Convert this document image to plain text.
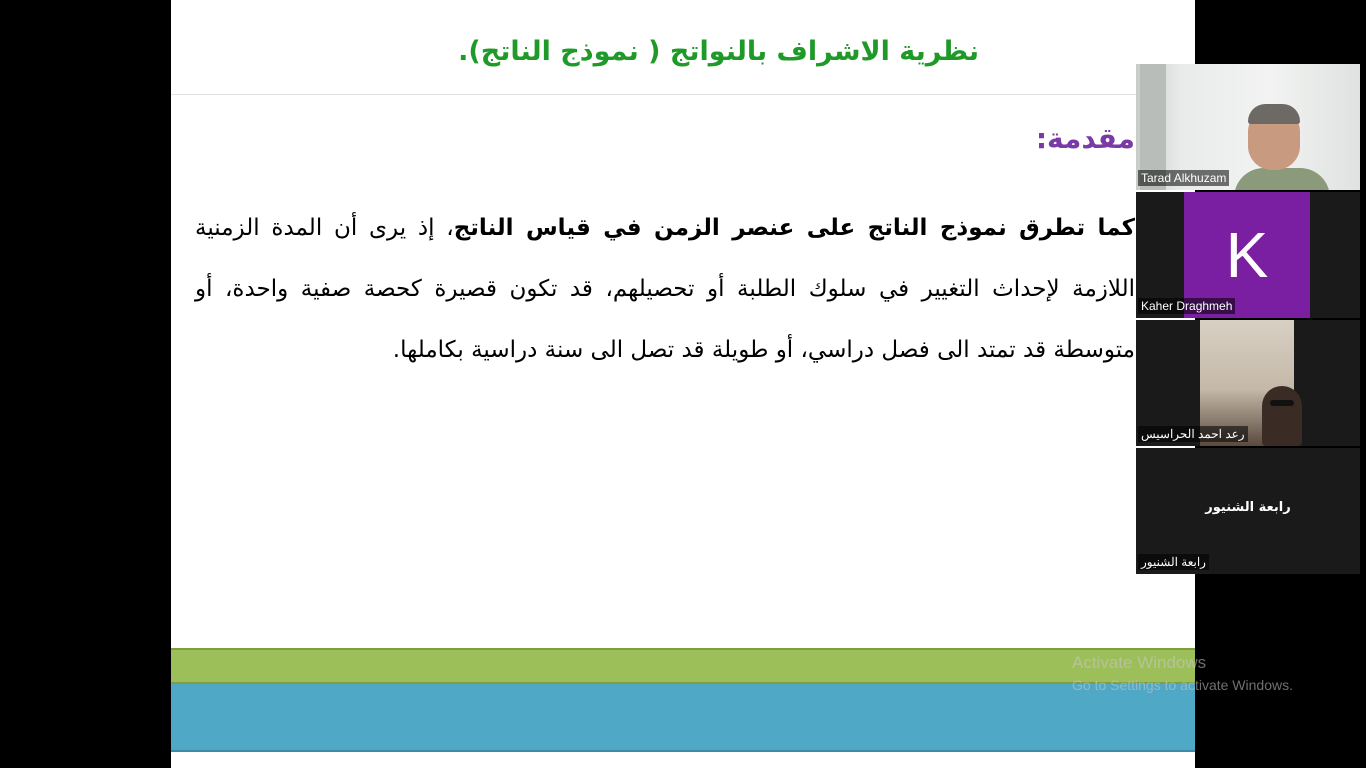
نظرية الاشراف بالنواتج ( نموذج الناتج).
مقدمة:
كما تطرق نموذج الناتج على عنصر الزمن في قياس الناتج، إذ يرى أن المدة الزمنية اللازمة لإحداث التغيير في سلوك الطلبة أو تحصيلهم، قد تكون قصيرة كحصة صفية واحدة، أو متوسطة قد تمتد الى فصل دراسي، أو طويلة قد تصل الى سنة دراسية بكاملها.
Tarad Alkhuzam
K
Kaher Draghmeh
رعد احمد الحراسيس
رابعة الشنيور
رابعة الشنيور
Activate Windows
Go to Settings to activate Windows.
